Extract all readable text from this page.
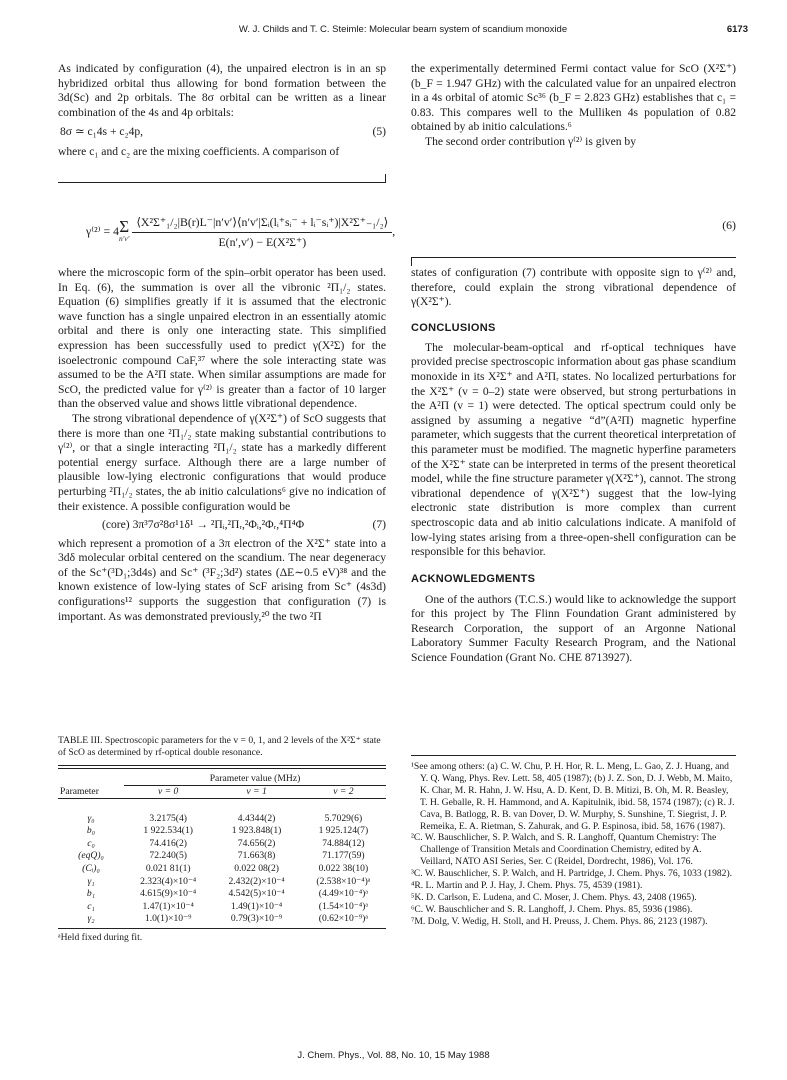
W. J. Childs and T. C. Steimle: Molecular beam system of scandium monoxide	6173

As indicated by configuration (4), the unpaired electron is in an sp hybridized orbital thus allowing for bond formation between the 3d(Sc) and 2p orbitals. The 8σ orbital can be written as a linear combination of the 4s and 4p orbitals:

8σ ≃ c₁4s + c₂4p,	(5)

where c₁ and c₂ are the mixing coefficients. A comparison of

the experimentally determined Fermi contact value for ScO (X²Σ⁺) (b_F = 1.947 GHz) with the calculated value for an unpaired electron in a 4s orbital of atomic Sc³⁶ (b_F = 2.823 GHz) establishes that c₁ = 0.83. This compares well to the Mulliken 4s population of 0.82 obtained by ab initio calculations.⁶

The second order contribution γ⁽²⁾ is given by

γ⁽²⁾ = 4 Σ
n′v′
$\frac{\text{⟨X²Σ⁺₁/₂|B(r)L⁻|n′v′⟩⟨n′v′|Σᵢ(lᵢ⁺sᵢ⁻ + lᵢ⁻sᵢ⁺)|X²Σ⁺₋₁/₂⟩}}{\text{E(n′,v′) − E(X²Σ⁺)}}$ ,	(6)

where the microscopic form of the spin–orbit operator has been used. In Eq. (6), the summation is over all the vibronic ²Π₁/₂ states. Equation (6) simplifies greatly if it is assumed that the electronic wave function has a single unpaired electron in an essentially atomic orbital and there is only one interacting state. This simplified expression has been successfully used to predict γ(X²Σ) for the isoelectronic compound CaF,³⁷ where the sole interacting state was assumed to be the A²Π state. When similar assumptions are made for ScO, the predicted value for γ⁽²⁾ is greater than a factor of 10 larger than the observed value and shows little vibrational dependence.

The strong vibrational dependence of γ(X²Σ⁺) of ScO suggests that there is more than one ²Π₁/₂ state making substantial contributions to γ⁽²⁾, or that a single interacting ²Π₁/₂ state has a markedly different potential energy surface. Although there are a large number of plausible low-lying electronic configurations that would produce perturbing ²Π₁/₂ states, the ab initio calculations⁶ give no indication of their existence. A possible configuration would be

(core) 3π³7σ²8σ¹1δ¹ → ²Πᵢ,²Πᵣ,²Φᵢ,²Φᵣ,⁴Π⁴Φ	(7)

which represent a promotion of a 3π electron of the X²Σ⁺ state into a 3dδ molecular orbital centered on the scandium. The near degeneracy of the Sc⁺(³D₁;3d4s) and Sc⁺ (³F₂;3d²) states (ΔE∼0.5 eV)³⁸ and the known existence of low-lying states of ScF arising from Sc⁺ (4s3d) configurations¹² supports the suggestion that configuration (7) is important. As was demonstrated previously,²⁰ the two ²Π

states of configuration (7) contribute with opposite sign to γ⁽²⁾ and, therefore, could explain the strong vibrational dependence of γ(X²Σ⁺).

CONCLUSIONS

The molecular-beam-optical and rf-optical techniques have provided precise spectroscopic information about gas phase scandium monoxide in its X²Σ⁺ and A²Πᵣ states. No localized perturbations for the X²Σ⁺ (v = 0–2) state were observed, but strong perturbations in the A²Π (v = 1) were detected. The optical spectrum could only be assigned by assuming a negative “d”(A²Π) magnetic hyperfine parameter, which suggests that the current theoretical interpretation of this parameter must be modified. The magnetic hyperfine parameters of the X²Σ⁺ state can be interpreted in terms of the present theoretical model, while the fine structure parameter γ(X²Σ⁺), cannot. The strong vibrational dependence of γ(X²Σ⁺) suggest that the low-lying electronic state distribution is more complex than current spectroscopic data and ab initio calculations indicate. A manifold of low-lying states arising from a three-open-shell configuration can be responsible for this behavior.

ACKNOWLEDGMENTS

One of the authors (T.C.S.) would like to acknowledge the support for this project by The Flinn Foundation Grant administered by Research Corporation, the support of an Argonne National Laboratory Summer Faculty Research Program, and the National Science Foundation (Grant No. CHE 8713927).

TABLE III. Spectroscopic parameters for the v = 0, 1, and 2 levels of the X²Σ⁺ state of ScO as determined by rf-optical double resonance.
	Parameter value (MHz)		
Parameter	v = 0	v = 1	v = 2

γ₀	3.2175(4)	4.4344(2)	5.7029(6)
b₀	1 922.534(1)	1 923.848(1)	1 925.124(7)
c₀	74.416(2)	74.656(2)	74.884(12)
(eqQ)₀	72.240(5)	71.663(8)	71.177(59)
(Cᵢ)₀	0.021 81(1)	0.022 08(2)	0.022 38(10)
γ₁	2.323(4)×10⁻⁴	2.432(2)×10⁻⁴	(2.538×10⁻⁴)ᵃ
b₁	4.615(9)×10⁻⁴	4.542(5)×10⁻⁴	(4.49×10⁻⁴)ᵃ
c₁	1.47(1)×10⁻⁴	1.49(1)×10⁻⁴	(1.54×10⁻⁴)ᵃ
γ₂	1.0(1)×10⁻⁹	0.79(3)×10⁻⁹	(0.62×10⁻⁹)ᵃ
ᵃHeld fixed during fit.

¹See among others: (a) C. W. Chu, P. H. Hor, R. L. Meng, L. Gao, Z. J. Huang, and Y. Q. Wang, Phys. Rev. Lett. 58, 405 (1987); (b) J. Z. Son, D. J. Webb, M. Maito, K. Char, M. R. Hahn, J. W. Hsu, A. D. Kent, D. B. Mitizi, B. Oh, M. R. Beasley, T. H. Geballe, R. H. Hammond, and A. Kapitulnik, ibid. 58, 1574 (1987); (c) R. J. Cava, B. Batlogg, R. B. van Dover, D. W. Murphy, S. Sunshine, T. Siegrist, J. P. Remeika, E. A. Rietman, S. Zahurak, and G. P. Espinosa, ibid. 58, 1676 (1987).

²C. W. Bauschlicher, S. P. Walch, and S. R. Langhoff, Quantum Chemistry: The Challenge of Transition Metals and Coordination Chemistry, edited by A. Veillard, NATO ASI Series, Ser. C (Reidel, Dordrecht, 1986), Vol. 176.

³C. W. Bauschlicher, S. P. Walch, and H. Partridge, J. Chem. Phys. 76, 1033 (1982).

⁴R. L. Martin and P. J. Hay, J. Chem. Phys. 75, 4539 (1981).

⁵K. D. Carlson, E. Ludena, and C. Moser, J. Chem. Phys. 43, 2408 (1965).

⁶C. W. Bauschlicher and S. R. Langhoff, J. Chem. Phys. 85, 5936 (1986).

⁷M. Dolg, V. Wedig, H. Stoll, and H. Preuss, J. Chem. Phys. 86, 2123 (1987).

J. Chem. Phys., Vol. 88, No. 10, 15 May 1988
